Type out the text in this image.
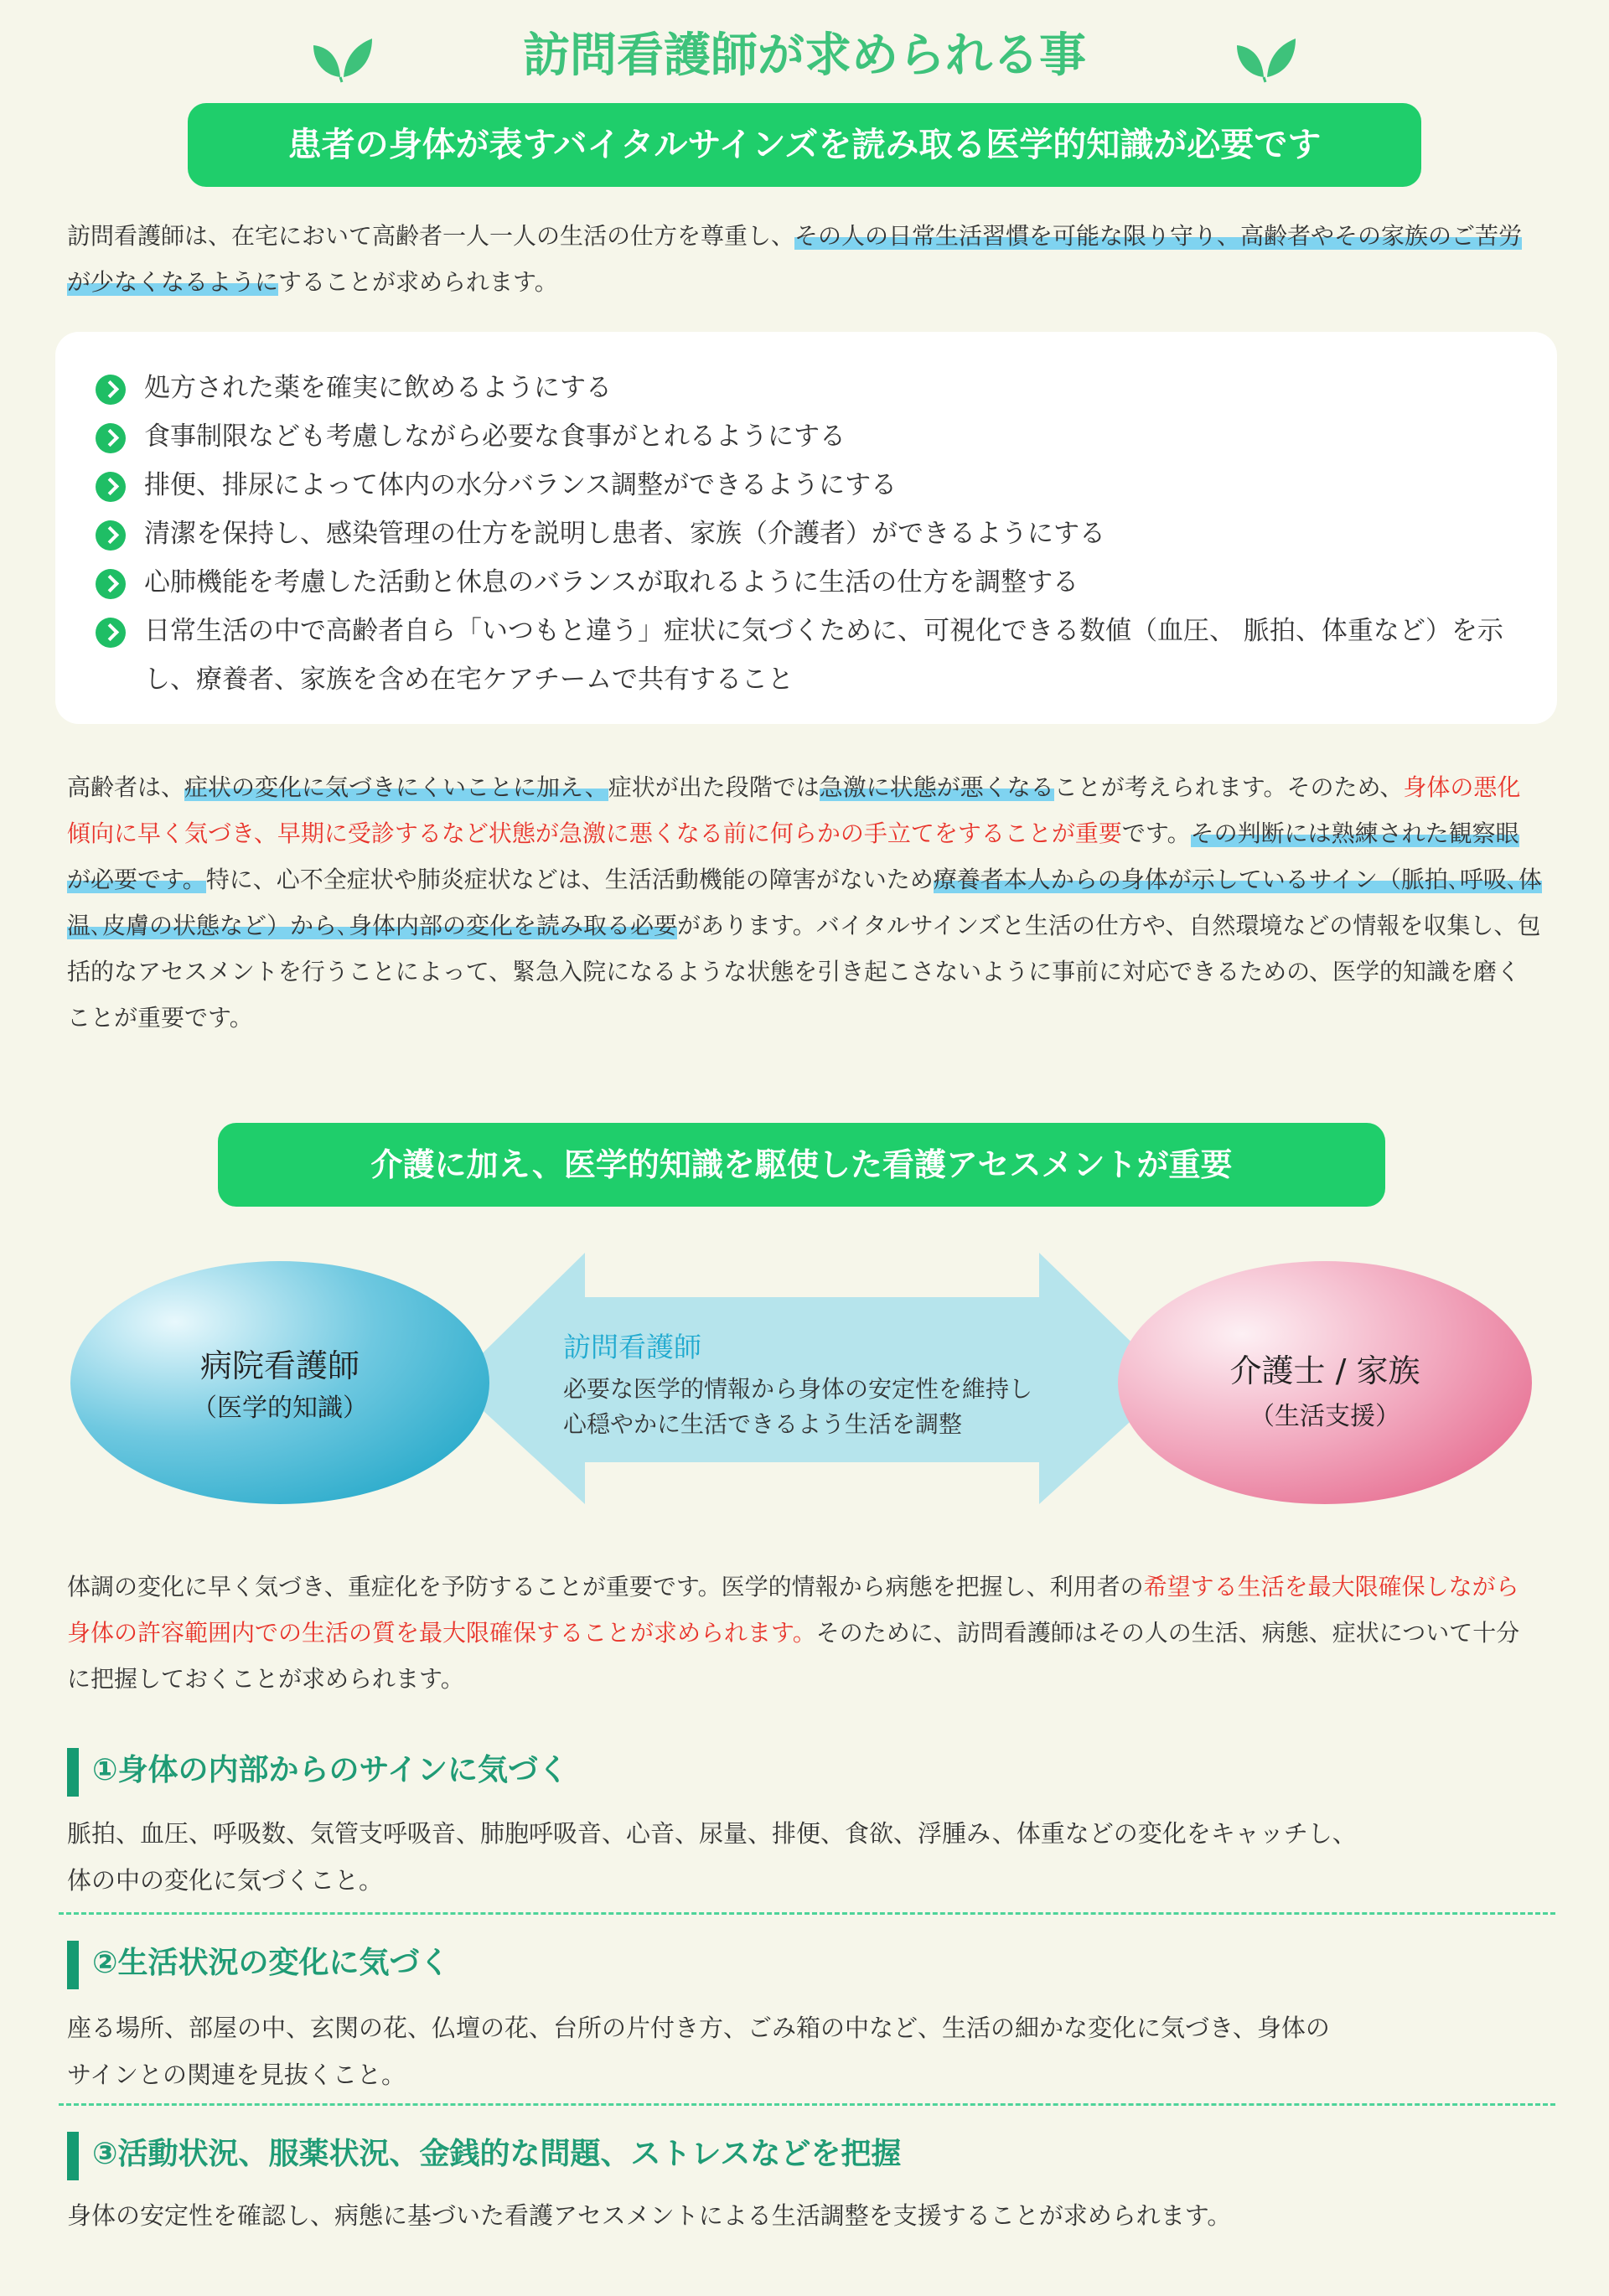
訪問看護師が求められる事
患者の身体が表すバイタルサインズを読み取る医学的知識が必要です
訪問看護師は、在宅において高齢者一人一人の生活の仕方を尊重し、その人の日常生活習慣を可能な限り守り、高齢者やその家族のご苦労が少なくなるようにすることが求められます。
処方された薬を確実に飲めるようにする
食事制限なども考慮しながら必要な食事がとれるようにする
排便、排尿によって体内の水分バランス調整ができるようにする
清潔を保持し、感染管理の仕方を説明し患者、家族（介護者）ができるようにする
心肺機能を考慮した活動と休息のバランスが取れるように生活の仕方を調整する
日常生活の中で高齢者自ら「いつもと違う」症状に気づくために、可視化できる数値（血圧、 脈拍、体重など）を示し、療養者、家族を含め在宅ケアチームで共有すること
高齢者は、症状の変化に気づきにくいことに加え、症状が出た段階では急激に状態が悪くなることが考えられます。そのため、身体の悪化傾向に早く気づき、早期に受診するなど状態が急激に悪くなる前に何らかの手立てをすることが重要です。その判断には熟練された観察眼が必要です。特に、心不全症状や肺炎症状などは、生活活動機能の障害がないため療養者本人からの身体が示しているサイン（脈拍､呼吸､体温､皮膚の状態など）から､身体内部の変化を読み取る必要があります。バイタルサインズと生活の仕方や、自然環境などの情報を収集し、包括的なアセスメントを行うことによって、緊急入院になるような状態を引き起こさないように事前に対応できるための、医学的知識を磨くことが重要です。
介護に加え、医学的知識を駆使した看護アセスメントが重要
病院看護師
（医学的知識）
訪問看護師
必要な医学的情報から身体の安定性を維持し
心穏やかに生活できるよう生活を調整
介護士 / 家族
（生活支援）
体調の変化に早く気づき、重症化を予防することが重要です。医学的情報から病態を把握し、利用者の希望する生活を最大限確保しながら身体の許容範囲内での生活の質を最大限確保することが求められます。そのために、訪問看護師はその人の生活、病態、症状について十分に把握しておくことが求められます。
①身体の内部からのサインに気づく
脈拍、血圧、呼吸数、気管支呼吸音、肺胞呼吸音、心音、尿量、排便、食欲、浮腫み、体重などの変化をキャッチし、
体の中の変化に気づくこと。
②生活状況の変化に気づく
座る場所、部屋の中、玄関の花、仏壇の花、台所の片付き方、ごみ箱の中など、生活の細かな変化に気づき、身体の
サインとの関連を見抜くこと。
③活動状況、服薬状況、金銭的な問題、ストレスなどを把握
身体の安定性を確認し、病態に基づいた看護アセスメントによる生活調整を支援することが求められます。
